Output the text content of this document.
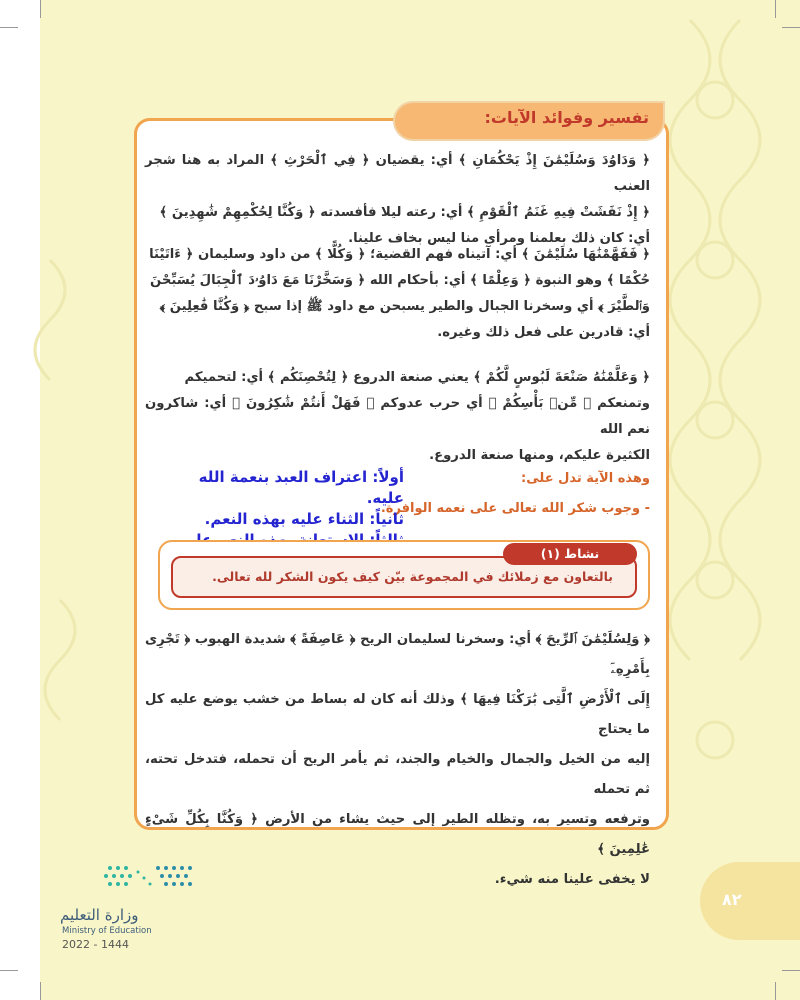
تفسير وفوائد الآيات:
﴿ وَدَاوُدَ وَسُلَيْمَٰنَ إِذْ يَحْكُمَانِ ﴾ أي: يقضيان ﴿ فِي ٱلْحَرْثِ ﴾ المراد به هنا شجر العنب
﴿ إِذْ نَفَشَتْ فِيهِ غَنَمُ ٱلْقَوْمِ ﴾ أي: رعته ليلا فأفسدته ﴿ وَكُنَّا لِحُكْمِهِمْ شَٰهِدِينَ ﴾
أي: كان ذلك بعلمنا ومرأى منا ليس بخاف علينا.
﴿ فَفَهَّمْنَٰهَا سُلَيْمَٰنَ ﴾ أي: آتيناه فهم القضية؛ ﴿ وَكُلًّا ﴾ من داود وسليمان ﴿ ءَاتَيْنَا
حُكْمًا ﴾ وهو النبوة ﴿ وَعِلْمًا ﴾ أي: بأحكام الله ﴿ وَسَخَّرْنَا مَعَ دَاوُۥدَ ٱلْجِبَالَ يُسَبِّحْنَ
وَٱلطَّيْرَ ﴾ أي وسخرنا الجبال والطير يسبحن مع داود ﷺ إذا سبح ﴿ وَكُنَّا فَٰعِلِينَ ﴾
أي: قادرين على فعل ذلك وغيره.
﴿ وَعَلَّمْنَٰهُ صَنْعَةَ لَبُوسٍ لَّكُمْ ﴾ يعني صنعة الدروع ﴿ لِتُحْصِنَكُم ﴾ أي: لتحميكم
وتمنعكم ﴿ مِّنۢ بَأْسِكُمْ ﴾ أي حرب عدوكم ﴿ فَهَلْ أَنتُمْ شَٰكِرُونَ ﴾ أي: شاكرون نعم الله
الكثيرة عليكم، ومنها صنعة الدروع.
وهذه الآية تدل على:
- وجوب شكر الله تعالى على نعمه الوافرة.
أولاً: اعتراف العبد بنعمة الله عليه.
ثانياً: الثناء عليه بهذه النعم.
بالتعاون مع زملائك في المجموعة بيّن كيف يكون الشكر لله تعالى.
نشاط (١)
﴿ وَلِسُلَيْمَٰنَ ٱلرِّيحَ ﴾ أي: وسخرنا لسليمان الريح ﴿ عَاصِفَةً ﴾ شديدة الهبوب ﴿ تَجْرِى بِأَمْرِهِۦٓ
إِلَى ٱلْأَرْضِ ٱلَّتِى بَٰرَكْنَا فِيهَا ﴾ وذلك أنه كان له بساط من خشب يوضع عليه كل ما يحتاج
إليه من الخيل والجمال والخيام والجند، ثم يأمر الريح أن تحمله، فتدخل تحته، ثم تحمله
وترفعه وتسير به، وتظله الطير إلى حيث يشاء من الأرض ﴿ وَكُنَّا بِكُلِّ شَىْءٍ عَٰلِمِينَ ﴾
لا يخفى علينا منه شيء.
٨٢
وزارة التعليم
Ministry of Education
2022 - 1444
